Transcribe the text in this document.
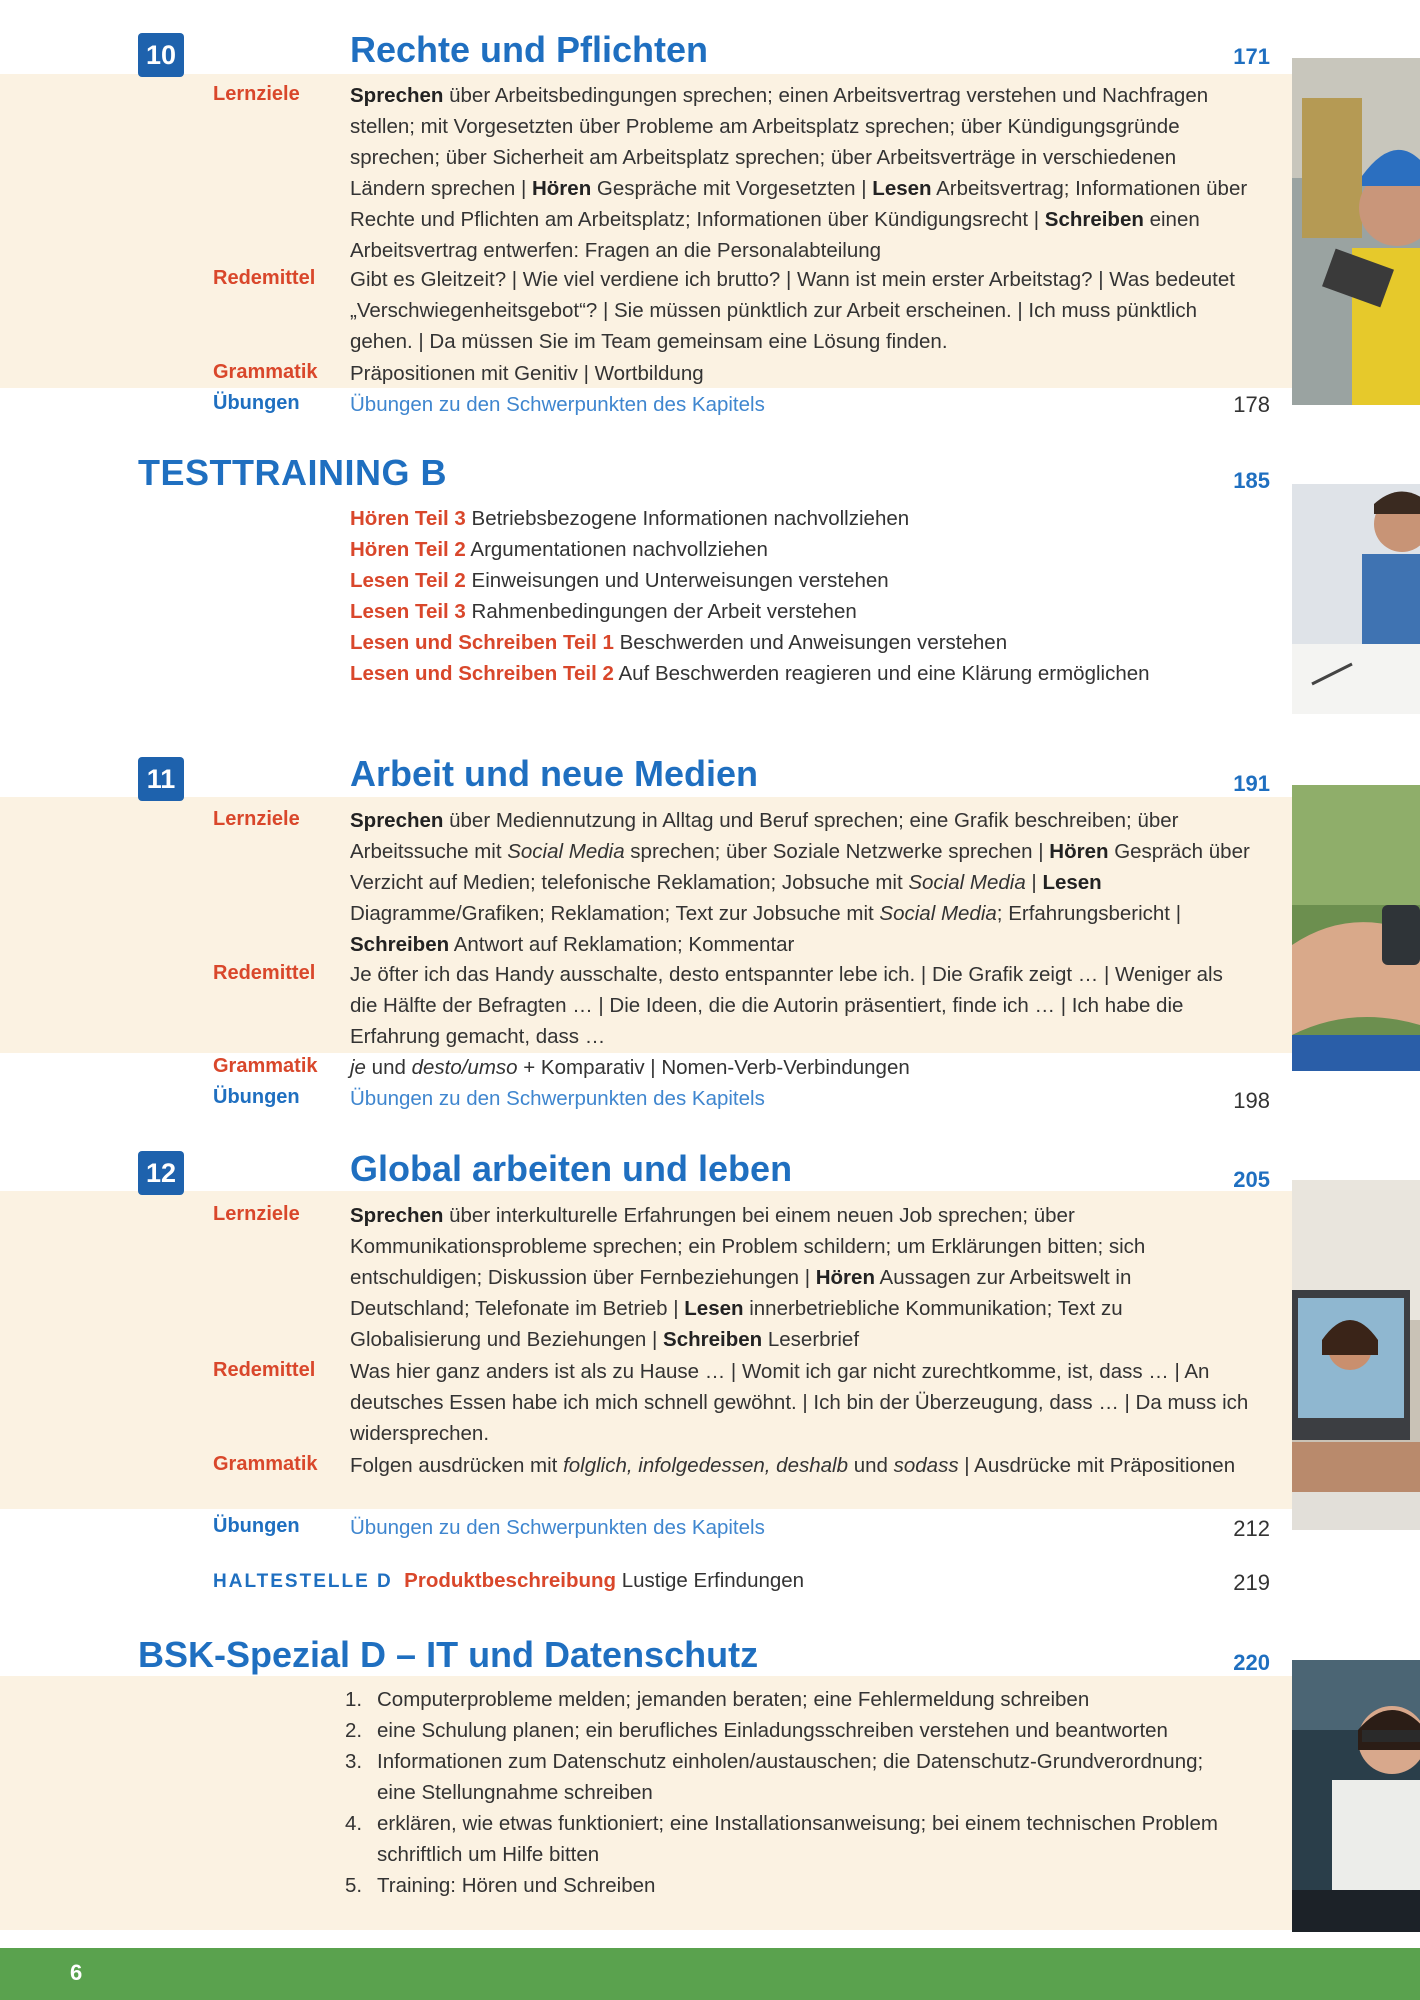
10	Rechte und Pflichten	171
Lernziele Sprechen über Arbeitsbedingungen sprechen; einen Arbeitsvertrag verstehen und Nachfragen stellen; mit Vorgesetzten über Probleme am Arbeitsplatz sprechen; über Kündigungsgründe sprechen; über Sicherheit am Arbeitsplatz sprechen; über Arbeitsverträge in verschiedenen Ländern sprechen | Hören Gespräche mit Vorgesetzten | Lesen Arbeitsvertrag; Informationen über Rechte und Pflichten am Arbeitsplatz; Informationen über Kündigungsrecht | Schreiben einen Arbeitsvertrag entwerfen: Fragen an die Personalabteilung

Redemittel Gibt es Gleitzeit? | Wie viel verdiene ich brutto? | Wann ist mein erster Arbeitstag? | Was bedeutet „Verschwiegenheitsgebot“? | Sie müssen pünktlich zur Arbeit erscheinen. | Ich muss pünktlich gehen. | Da müssen Sie im Team gemeinsam eine Lösung finden.

Grammatik Präpositionen mit Genitiv | Wortbildung

Übungen Übungen zu den Schwerpunkten des Kapitels	178
TESTTRAINING B	185
Hören Teil 3 Betriebsbezogene Informationen nachvollziehen
Hören Teil 2 Argumentationen nachvollziehen
Lesen Teil 2 Einweisungen und Unterweisungen verstehen
Lesen Teil 3 Rahmenbedingungen der Arbeit verstehen
Lesen und Schreiben Teil 1 Beschwerden und Anweisungen verstehen
Lesen und Schreiben Teil 2 Auf Beschwerden reagieren und eine Klärung ermöglichen
11	Arbeit und neue Medien	191
Lernziele Sprechen über Mediennutzung in Alltag und Beruf sprechen; eine Grafik beschreiben; über Arbeitssuche mit Social Media sprechen; über Soziale Netzwerke sprechen | Hören Gespräch über Verzicht auf Medien; telefonische Reklamation; Jobsuche mit Social Media | Lesen Diagramme/Grafiken; Reklamation; Text zur Jobsuche mit Social Media; Erfahrungsbericht | Schreiben Antwort auf Reklamation; Kommentar

Redemittel Je öfter ich das Handy ausschalte, desto entspannter lebe ich. | Die Grafik zeigt … | Weniger als die Hälfte der Befragten … | Die Ideen, die die Autorin präsentiert, finde ich … | Ich habe die Erfahrung gemacht, dass …

Grammatik je und desto/umso + Komparativ | Nomen-Verb-Verbindungen

Übungen Übungen zu den Schwerpunkten des Kapitels	198
12	Global arbeiten und leben	205
Lernziele Sprechen über interkulturelle Erfahrungen bei einem neuen Job sprechen; über Kommunikationsprobleme sprechen; ein Problem schildern; um Erklärungen bitten; sich entschuldigen; Diskussion über Fernbeziehungen | Hören Aussagen zur Arbeitswelt in Deutschland; Telefonate im Betrieb | Lesen innerbetriebliche Kommunikation; Text zu Globalisierung und Beziehungen | Schreiben Leserbrief

Redemittel Was hier ganz anders ist als zu Hause … | Womit ich gar nicht zurechtkomme, ist, dass … | An deutsches Essen habe ich mich schnell gewöhnt. | Ich bin der Überzeugung, dass … | Da muss ich widersprechen.

Grammatik Folgen ausdrücken mit folglich, infolgedessen, deshalb und sodass | Ausdrücke mit Präpositionen

Übungen Übungen zu den Schwerpunkten des Kapitels	212
HALTESTELLE D Produktbeschreibung Lustige Erfindungen	219
BSK-Spezial D – IT und Datenschutz	220
1. Computerprobleme melden; jemanden beraten; eine Fehlermeldung schreiben
2. eine Schulung planen; ein berufliches Einladungsschreiben verstehen und beantworten
3. Informationen zum Datenschutz einholen/austauschen; die Datenschutz-Grundverordnung; eine Stellungnahme schreiben
4. erklären, wie etwas funktioniert; eine Installationsanweisung; bei einem technischen Problem schriftlich um Hilfe bitten
5. Training: Hören und Schreiben
6
